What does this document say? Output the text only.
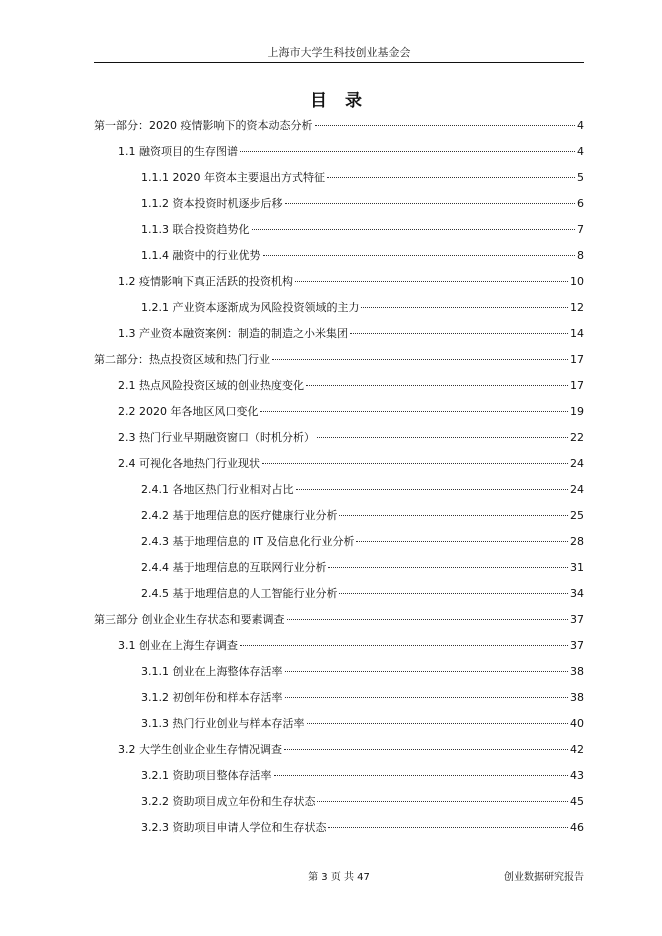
上海市大学生科技创业基金会
目 录
第一部分：2020 疫情影响下的资本动态分析	4
1.1 融资项目的生存图谱	4
1.1.1 2020 年资本主要退出方式特征	5
1.1.2 资本投资时机逐步后移	6
1.1.3 联合投资趋势化	7
1.1.4 融资中的行业优势	8
1.2 疫情影响下真正活跃的投资机构	10
1.2.1 产业资本逐渐成为风险投资领域的主力	12
1.3 产业资本融资案例：制造的制造之小米集团	14
第二部分：热点投资区域和热门行业	17
2.1 热点风险投资区域的创业热度变化	17
2.2 2020 年各地区风口变化	19
2.3 热门行业早期融资窗口（时机分析）	22
2.4 可视化各地热门行业现状	24
2.4.1 各地区热门行业相对占比	24
2.4.2 基于地理信息的医疗健康行业分析	25
2.4.3 基于地理信息的 IT 及信息化行业分析	28
2.4.4 基于地理信息的互联网行业分析	31
2.4.5 基于地理信息的人工智能行业分析	34
第三部分 创业企业生存状态和要素调查	37
3.1 创业在上海生存调查	37
3.1.1 创业在上海整体存活率	38
3.1.2 初创年份和样本存活率	38
3.1.3 热门行业创业与样本存活率	40
3.2 大学生创业企业生存情况调查	42
3.2.1 资助项目整体存活率	43
3.2.2 资助项目成立年份和生存状态	45
3.2.3 资助项目申请人学位和生存状态	46
第 3 页 共 47	创业数据研究报告
